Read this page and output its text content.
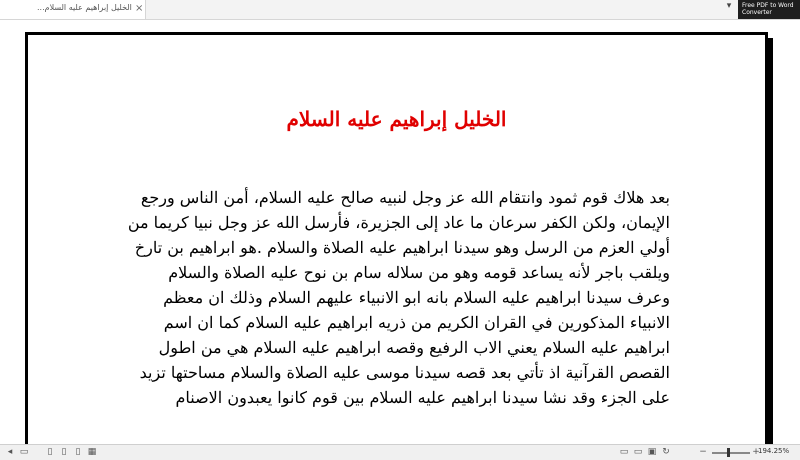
الخليل إبراهيم عليه السلام... ×	▾	Free PDF to Word Converter
الخليل إبراهيم عليه السلام
بعد هلاك قوم ثمود وانتقام الله عز وجل لنبيه صالح عليه السلام، أمن الناس ورجع
الإيمان، ولكن الكفر سرعان ما عاد إلى الجزيرة، فأرسل الله عز وجل نبيا كريما من
أولي العزم من الرسل وهو سيدنا ابراهيم عليه الصلاة والسلام .هو ابراهيم بن تارخ
ويلقب باجر لأنه يساعد قومه وهو من سلاله سام بن نوح عليه الصلاة والسلام
وعرف سيدنا ابراهيم عليه السلام بانه ابو الانبياء عليهم السلام وذلك ان معظم
الانبياء المذكورين في القران الكريم من ذريه ابراهيم عليه السلام كما ان اسم
ابراهيم عليه السلام يعني الاب الرفيع وقصه ابراهيم عليه السلام هي من اطول
القصص القرآنية اذ تأتي بعد قصه سيدنا موسى عليه الصلاة والسلام مساحتها تزيد
على الجزء وقد نشا سيدنا ابراهيم عليه السلام بين قوم كانوا يعبدون الاصنام
◂ ▭	▯	▯	▯ ▦	▭ ▭ ▣ ↻	−	+
194.25%
